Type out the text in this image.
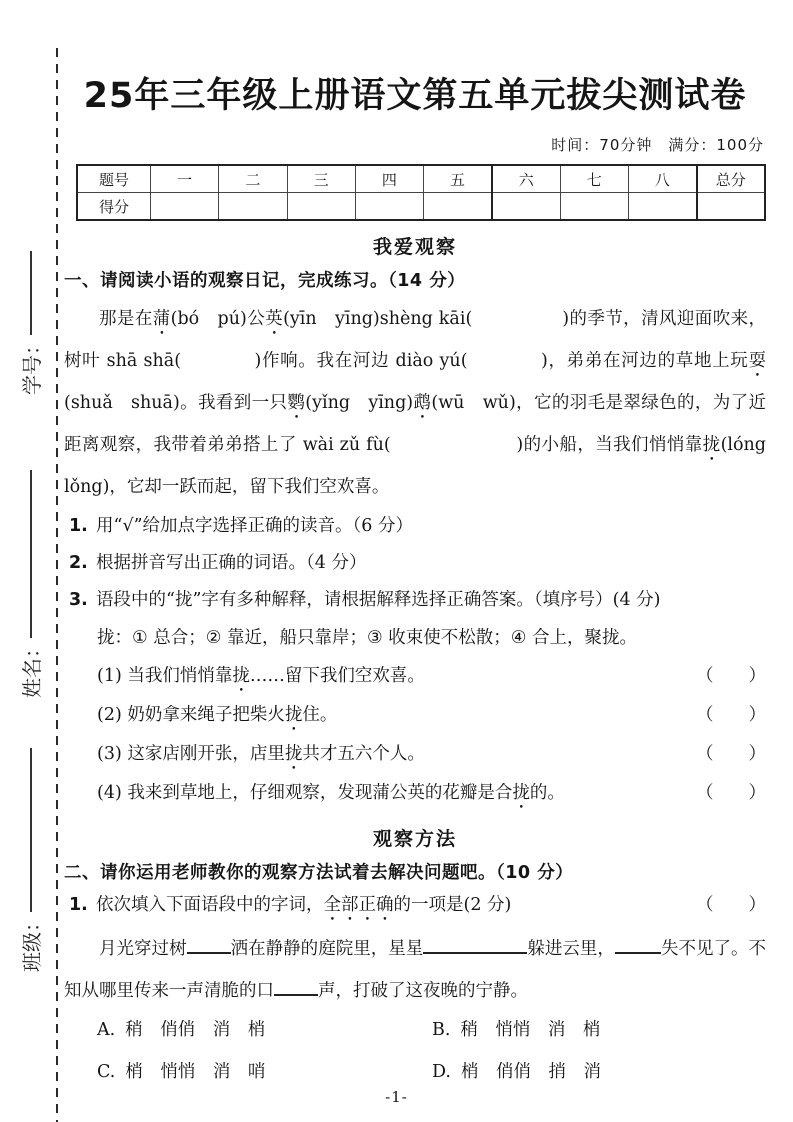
学号：
姓名：
班级：
25年三年级上册语文第五单元拔尖测试卷
时间：70分钟　满分：100分
题号	一	二	三	四	五	六	七	八	总分
得分									
我爱观察
一、请阅读小语的观察日记，完成练习。（14 分）
那是在蒲(bó　pú)公英(yīn　yīng)shèng kāi(　　　　　)的季节，清风迎面吹来，树叶 shā shā(　　　　)作响。我在河边 diào yú(　　　　)，弟弟在河边的草地上玩耍(shuǎ　shuā)。我看到一只鹦(yǐng　yīng)鹉(wū　wǔ)，它的羽毛是翠绿色的，为了近距离观察，我带着弟弟搭上了 wài zǔ fù(　　　　　　　)的小船，当我们悄悄靠拢(lóng　lǒng)，它却一跃而起，留下我们空欢喜。
1. 用“√”给加点字选择正确的读音。（6 分）
2. 根据拼音写出正确的词语。（4 分）
3. 语段中的“拢”字有多种解释，请根据解释选择正确答案。（填序号）(4 分)
拢：① 总合；② 靠近，船只靠岸；③ 收束使不松散；④ 合上，聚拢。
(1) 当我们悄悄靠拢……留下我们空欢喜。	（　　）
(2) 奶奶拿来绳子把柴火拢住。	（　　）
(3) 这家店刚开张，店里拢共才五六个人。	（　　）
(4) 我来到草地上，仔细观察，发现蒲公英的花瓣是合拢的。	（　　）
观察方法
二、请你运用老师教你的观察方法试着去解决问题吧。（10 分）
1. 依次填入下面语段中的字词，全部正确的一项是(2 分)	（　　）
月光穿过树	洒在静静的庭院里，星星	躲进云里，	失不见了。不知从哪里传来一声清脆的口	声，打破了这夜晚的宁静。
A. 稍　俏俏　消　梢	B. 稍　悄悄　消　梢
C. 梢　悄悄　消　哨	D. 梢　俏俏　捎　消
-1-
